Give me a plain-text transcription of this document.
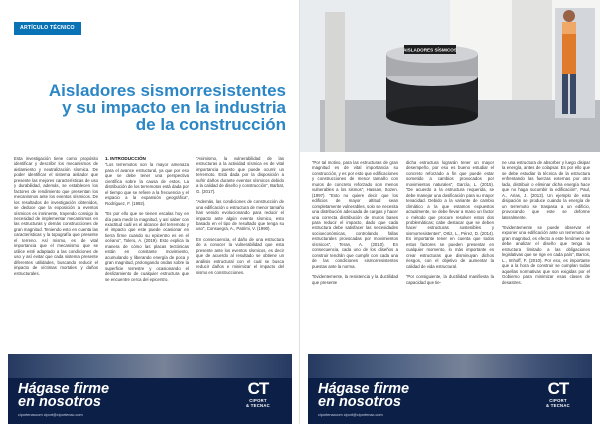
ARTÍCULO TÉCNICO
Aisladores sismorresistentes
y su impacto en la industria
de la construcción

Esta investigación tiene como propósito identificar y describir los mecanismos de aislamiento y neutralización sísmica. De poder identificar el sistema aislador que presente las mejores características de uso y durabilidad, además, se establecen los factores de rendimiento que presentan los mecanismos ante los eventos sísmicos. De los resultados de investigación obtenidos, se deduce que la exposición a eventos sísmicos es inminente, trayendo consigo la necesidad de implementar mecanismos en las estructuras y demás construcciones de gran magnitud. Teniendo esto en cuenta las características y la topografía que presente el terreno. Así mismo, es de vital importancia que el mecanismo que se utilice esté adaptado a las condiciones de uso y así evitar que cada sistema presente diferentes utilidades, buscando reducir el impacto de víctimas mortales y daños estructurales.

1. INTRODUCCIÓN

“Los terremotos son la mayor amenaza para el avance estructural, ya que por eso que se debe tener una perspectiva científica sobre la causa de estos. La distribución de los terremotos está dada por el tiempo que se refiere a la frecuencia y el espacio a la expansión geográfica”, Rodríguez, F. (1992).

“Es por ello que se tienen escalas hoy en día para medir la magnitud, y así saber con exactitud cuál es el alcance del terremoto y el impacto que este puede ocasionar en tierra firme cuando su epicentro es en el océano”, Tolero, A. (2019). Esto explica la manera de cómo las placas tectónicas están en constante movimiento, acumulando y liberando energía de poca y gran magnitud, prolongando ondas sobre la superficie terrestre y ocasionando el deslizamiento de cualquier estructura que se encuentre cerca del epicentro.

“Asimismo, la vulnerabilidad de las estructuras a la actividad sísmica es de vital importancia puesto que puede ocurrir un terremoto. Está dada por la disposición a sufrir daños durante eventos sísmicos debido a la calidad de diseño y construcción”, Barbat, G. (2017).

“Además, las condiciones de construcción de una edificación o estructura de menor tamaño han venido evolucionando para reducir el impacto ante algún evento sísmico, esto basado en el tipo de resultado que tenga su uso”, Consuegra, A., Patrimi, V. (1990).

En consecuencia, el daño de una estructura de a conocer la vulnerabilidad que esta presente ante los eventos sísmicos, es decir que de acuerdo al resultado se obtiene un análisis estructural con el cual se busca reducir daños e minimizar el impacto del sismo en construcciones.

Hágase firme
en nosotros
ciportenaccom ciport@ciportenac.com
CT
CIPORT
& TECNAC
AISLADORES SÍSMICOS

“Por tal motivo, para las estructuras de gran magnitud es de vital importancia su construcción, y es por esto que edificaciones y construcciones de menor tamaño con muros de concreto reforzado son menos vulnerables a los sismos”, Hassan, Sozen. (1997). “Esto no quiere decir que los edificios de mayor altitud sean completamente vulnerables, solo se necesita una distribución adecuada de cargas y hacer una correcta distribución de muros bases para reducir el impacto, dado que cada estructura debe satisfacer las necesidades socioeconómicas, controlando fallas estructurales provocadas por movimientos sísmicos”, Teran, A. (2010). En consecuencia, cada uno de los diseños a construir tendrán que cumplir con cada una de las condiciones sismorresistentes puestas ante la norma.

“Evidentemente, la resistencia y la ductilidad que presente

dicha estructura lograrán tener un mayor desempeño, por eso es bueno estudiar el concreto reforzado a fin que puede estar sometido a cambios provocados por movimientos naturales”, García, L. (2015). “De acuerdo a la estructura requerida, se debe manejar una dosificación para su mayor tenacidad. Debido a la variante de cambio climático a la que estamos expuestos actualmente, se debe llevar a mano un factor o método que procure resolver estos dos problemáticas; cabe destacar que se deben hacer estructuras sostenibles y sismorresistentes”, Ortiz, L., Pérez, D. (2014). Es importante tener en cuenta que todos estos factores se pueden presentar en cualquier momento, lo más importante es crear estructuras que disminuyan dichos riesgos, con el objetivo de aumentar la calidad de vida estructural.

“Por consiguiente, la ductilidad manifiesta la capacidad que tie-

ne una estructura de absorber y luego disipar la energía, antes de colapsar. Es por ello que se debe estudiar la técnica de la estructura enfrentando las fuerzas externas por otro lado, distribuir o eliminar dicha energía hace que no haga sucumbir la edificación”, Paul, A., Arias, J. (2012). Un ejemplo de esta disipación se produce cuando la energía de un terremoto se traspasa a un edificio, provocando que este se deforme lateralmente.

“Evidentemente se puede observar el exponer una edificación ante un terremoto de gran magnitud, es efecto a este fenómeno se debe analizar el diseño que tenga la estructura limitado a las obligaciones legislativas que se rige en cada país”, Barros, L., Imhoff, F. (2010). Por eso, es importante que a la hora de construir se cumplan todas aquellas normativas que son exigidas por el Gobierno para minimizar esas clases de desastres.

Hágase firme
en nosotros
ciportenaccom ciport@ciportenac.com
CT
CIPORT
& TECNAC
